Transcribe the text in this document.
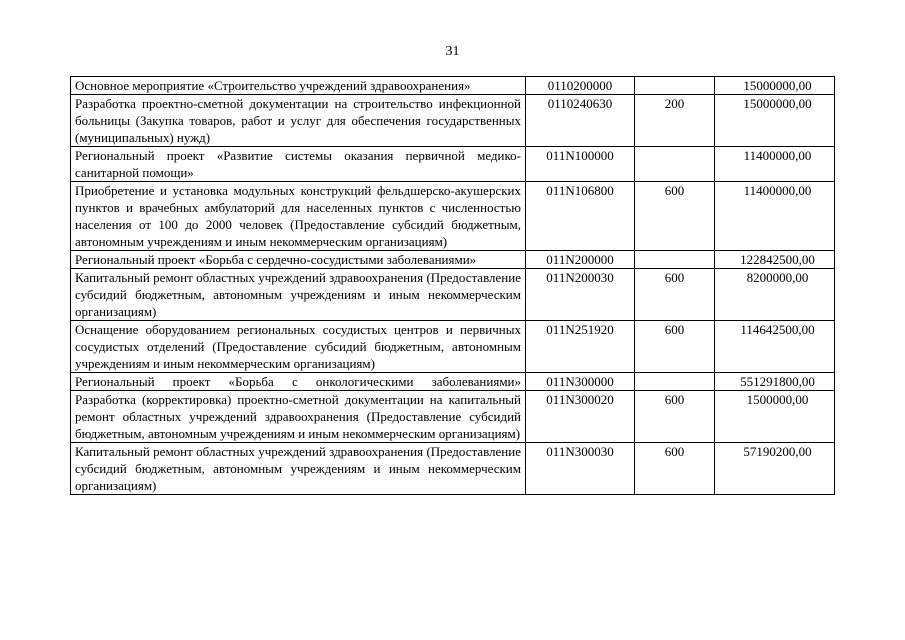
31
Основное мероприятие «Строительство учреждений здравоохранения»	0110200000		15000000,00
Разработка проектно-сметной документации на строительство инфекционной больницы (Закупка товаров, работ и услуг для обеспечения государственных (муниципальных) нужд)	0110240630	200	15000000,00
Региональный проект «Развитие системы оказания первичной медико-санитарной помощи»	011N100000		11400000,00
Приобретение и установка модульных конструкций фельдшерско-акушерских пунктов и врачебных амбулаторий для населенных пунктов с численностью населения от 100 до 2000 человек (Предоставление субсидий бюджетным, автономным учреждениям и иным некоммерческим организациям)	011N106800	600	11400000,00
Региональный проект «Борьба с сердечно-сосудистыми заболеваниями»	011N200000		122842500,00
Капитальный ремонт областных учреждений здравоохранения (Предоставление субсидий бюджетным, автономным учреждениям и иным некоммерческим организациям)	011N200030	600	8200000,00
Оснащение оборудованием региональных сосудистых центров и первичных сосудистых отделений (Предоставление субсидий бюджетным, автономным учреждениям и иным некоммерческим организациям)	011N251920	600	114642500,00
Региональный проект «Борьба с онкологическими заболеваниями»	011N300000		551291800,00
Разработка (корректировка) проектно-сметной документации на капитальный ремонт областных учреждений здравоохранения (Предоставление субсидий бюджетным, автономным учреждениям и иным некоммерческим организациям)	011N300020	600	1500000,00
Капитальный ремонт областных учреждений здравоохранения (Предоставление субсидий бюджетным, автономным учреждениям и иным некоммерческим организациям)	011N300030	600	57190200,00
